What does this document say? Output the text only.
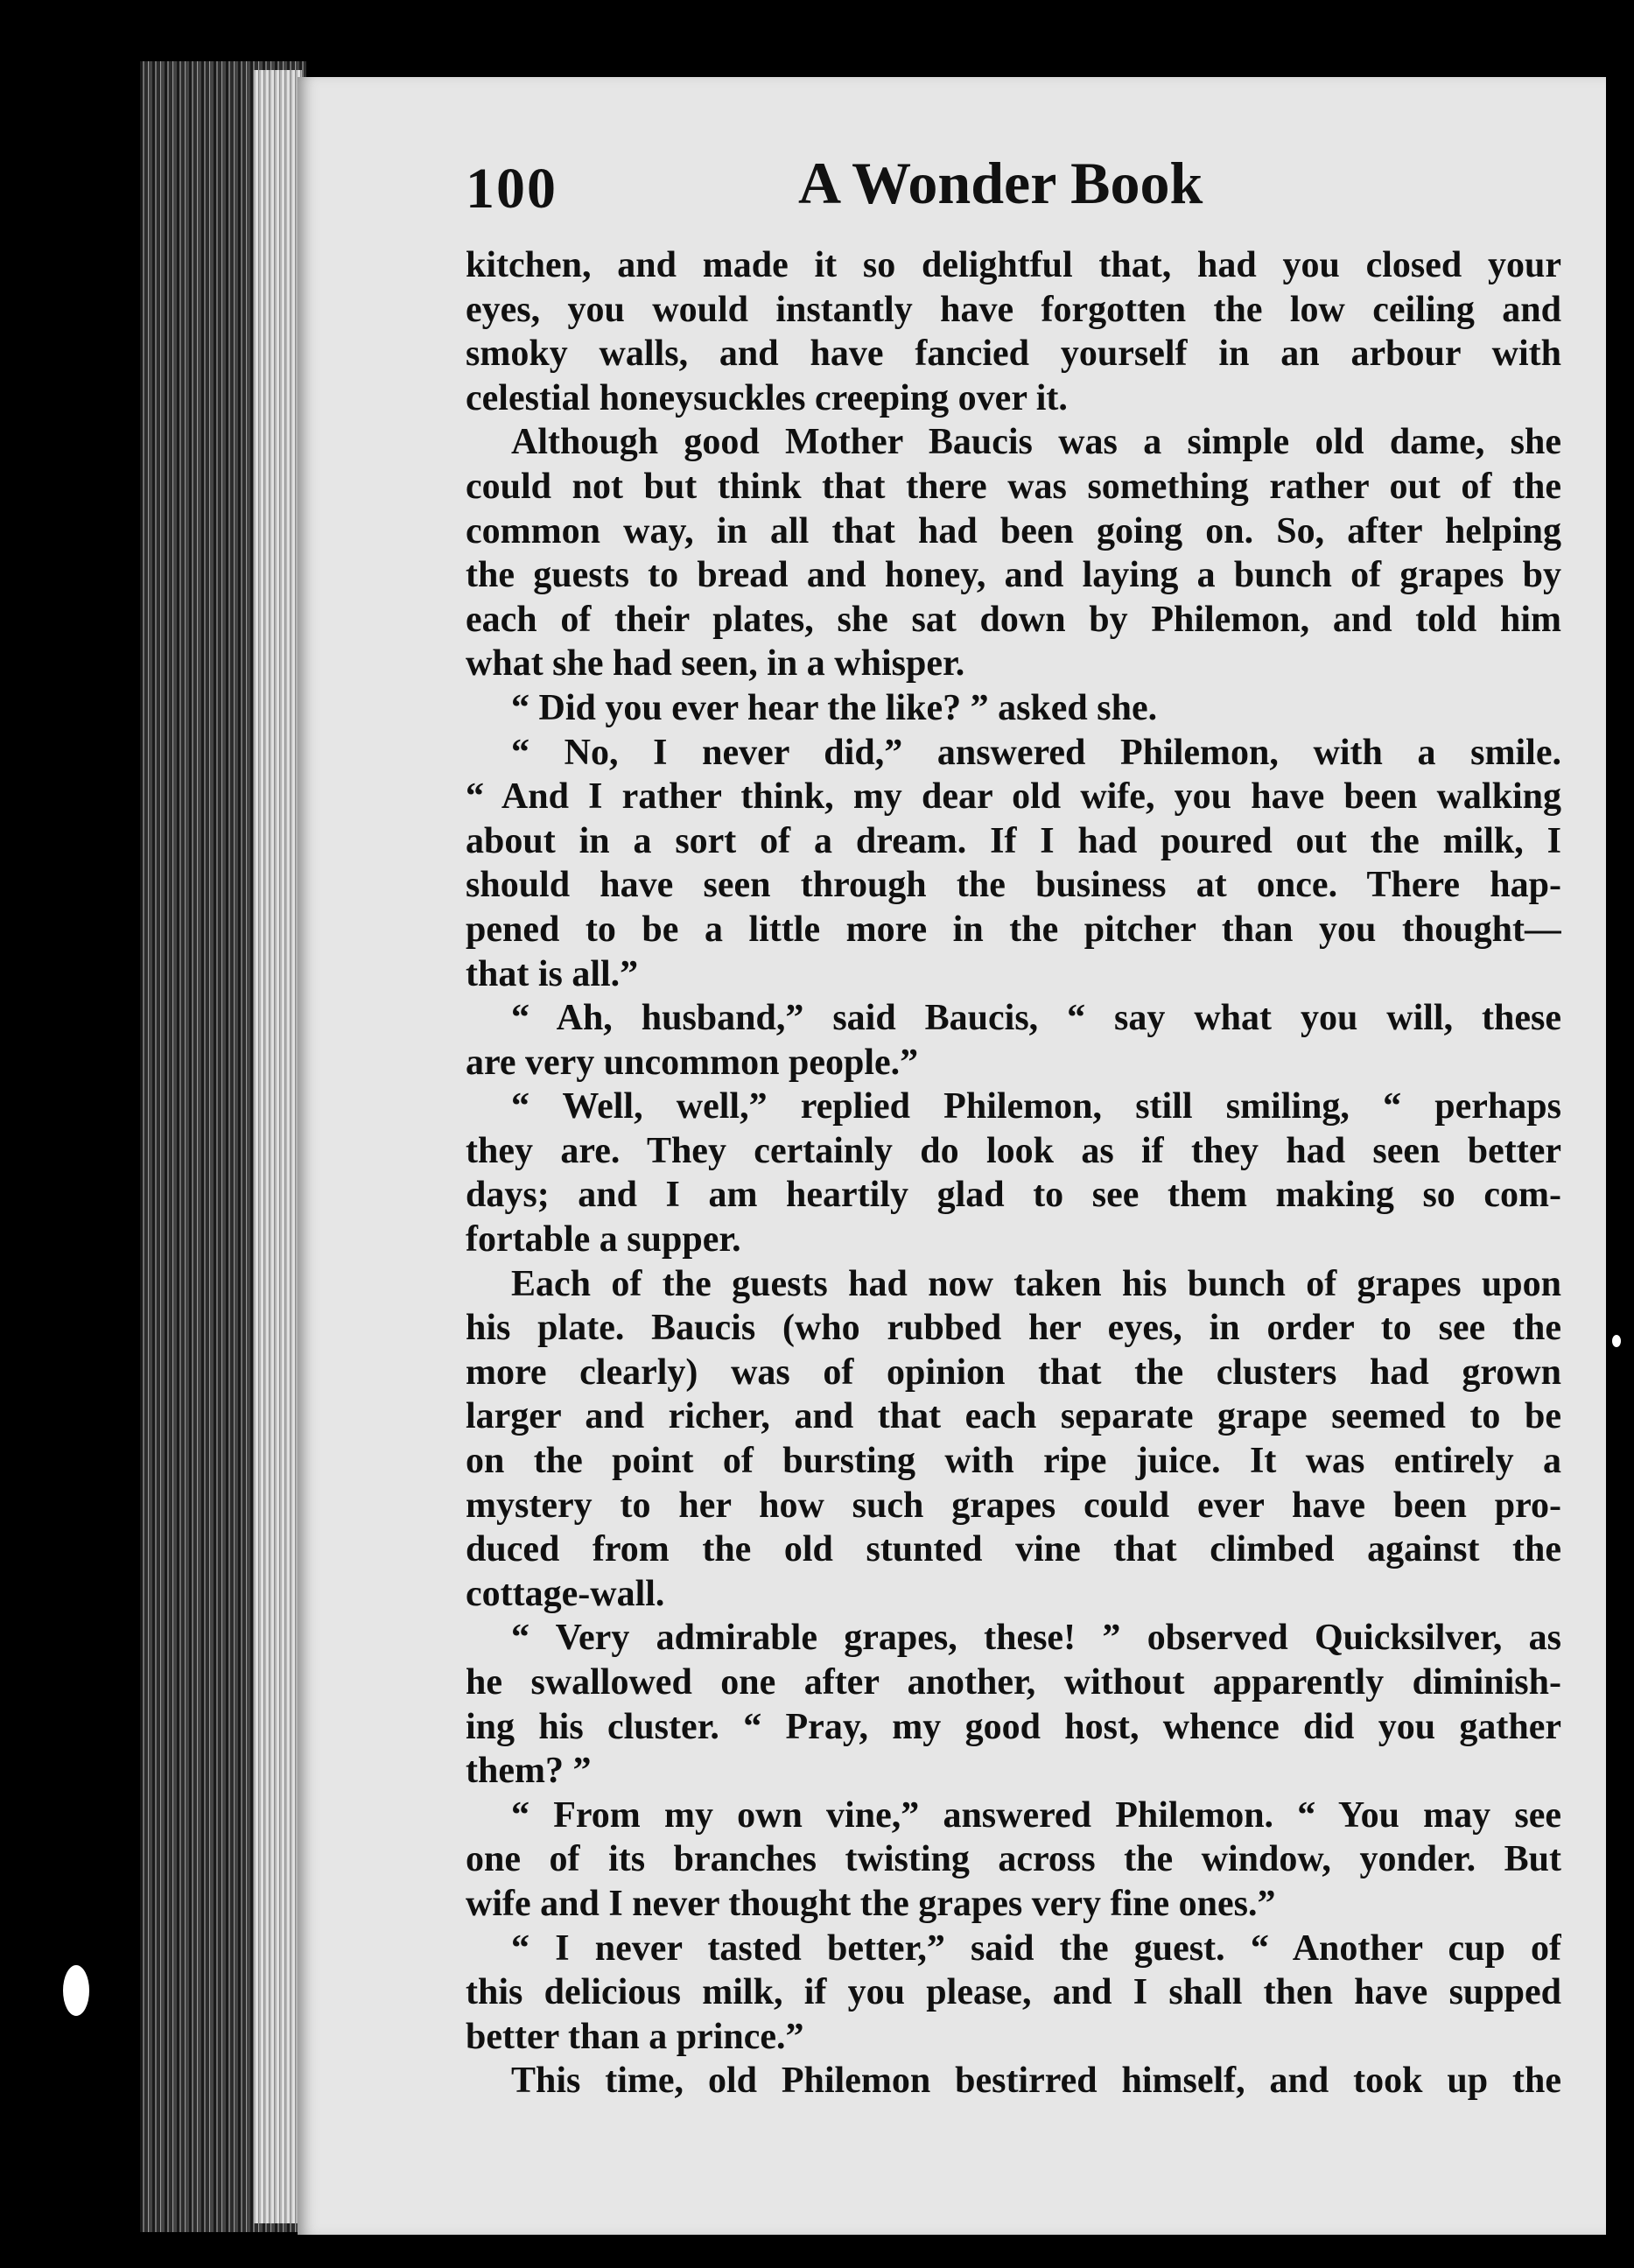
100	A Wonder Book
kitchen, and made it so delightful that, had you closed your
eyes, you would instantly have forgotten the low ceiling and
smoky walls, and have fancied yourself in an arbour with
celestial honeysuckles creeping over it.
Although good Mother Baucis was a simple old dame, she
could not but think that there was something rather out of the
common way, in all that had been going on. So, after helping
the guests to bread and honey, and laying a bunch of grapes by
each of their plates, she sat down by Philemon, and told him
what she had seen, in a whisper.
“ Did you ever hear the like? ” asked she.
“ No, I never did,” answered Philemon, with a smile.
“ And I rather think, my dear old wife, you have been walking
about in a sort of a dream. If I had poured out the milk, I
should have seen through the business at once. There hap-
pened to be a little more in the pitcher than you thought—
that is all.”
“ Ah, husband,” said Baucis, “ say what you will, these
are very uncommon people.”
“ Well, well,” replied Philemon, still smiling, “ perhaps
they are. They certainly do look as if they had seen better
days; and I am heartily glad to see them making so com-
fortable a supper.
Each of the guests had now taken his bunch of grapes upon
his plate. Baucis (who rubbed her eyes, in order to see the
more clearly) was of opinion that the clusters had grown
larger and richer, and that each separate grape seemed to be
on the point of bursting with ripe juice. It was entirely a
mystery to her how such grapes could ever have been pro-
duced from the old stunted vine that climbed against the
cottage-wall.
“ Very admirable grapes, these! ” observed Quicksilver, as
he swallowed one after another, without apparently diminish-
ing his cluster. “ Pray, my good host, whence did you gather
them? ”
“ From my own vine,” answered Philemon. “ You may see
one of its branches twisting across the window, yonder. But
wife and I never thought the grapes very fine ones.”
“ I never tasted better,” said the guest. “ Another cup of
this delicious milk, if you please, and I shall then have supped
better than a prince.”
This time, old Philemon bestirred himself, and took up the
